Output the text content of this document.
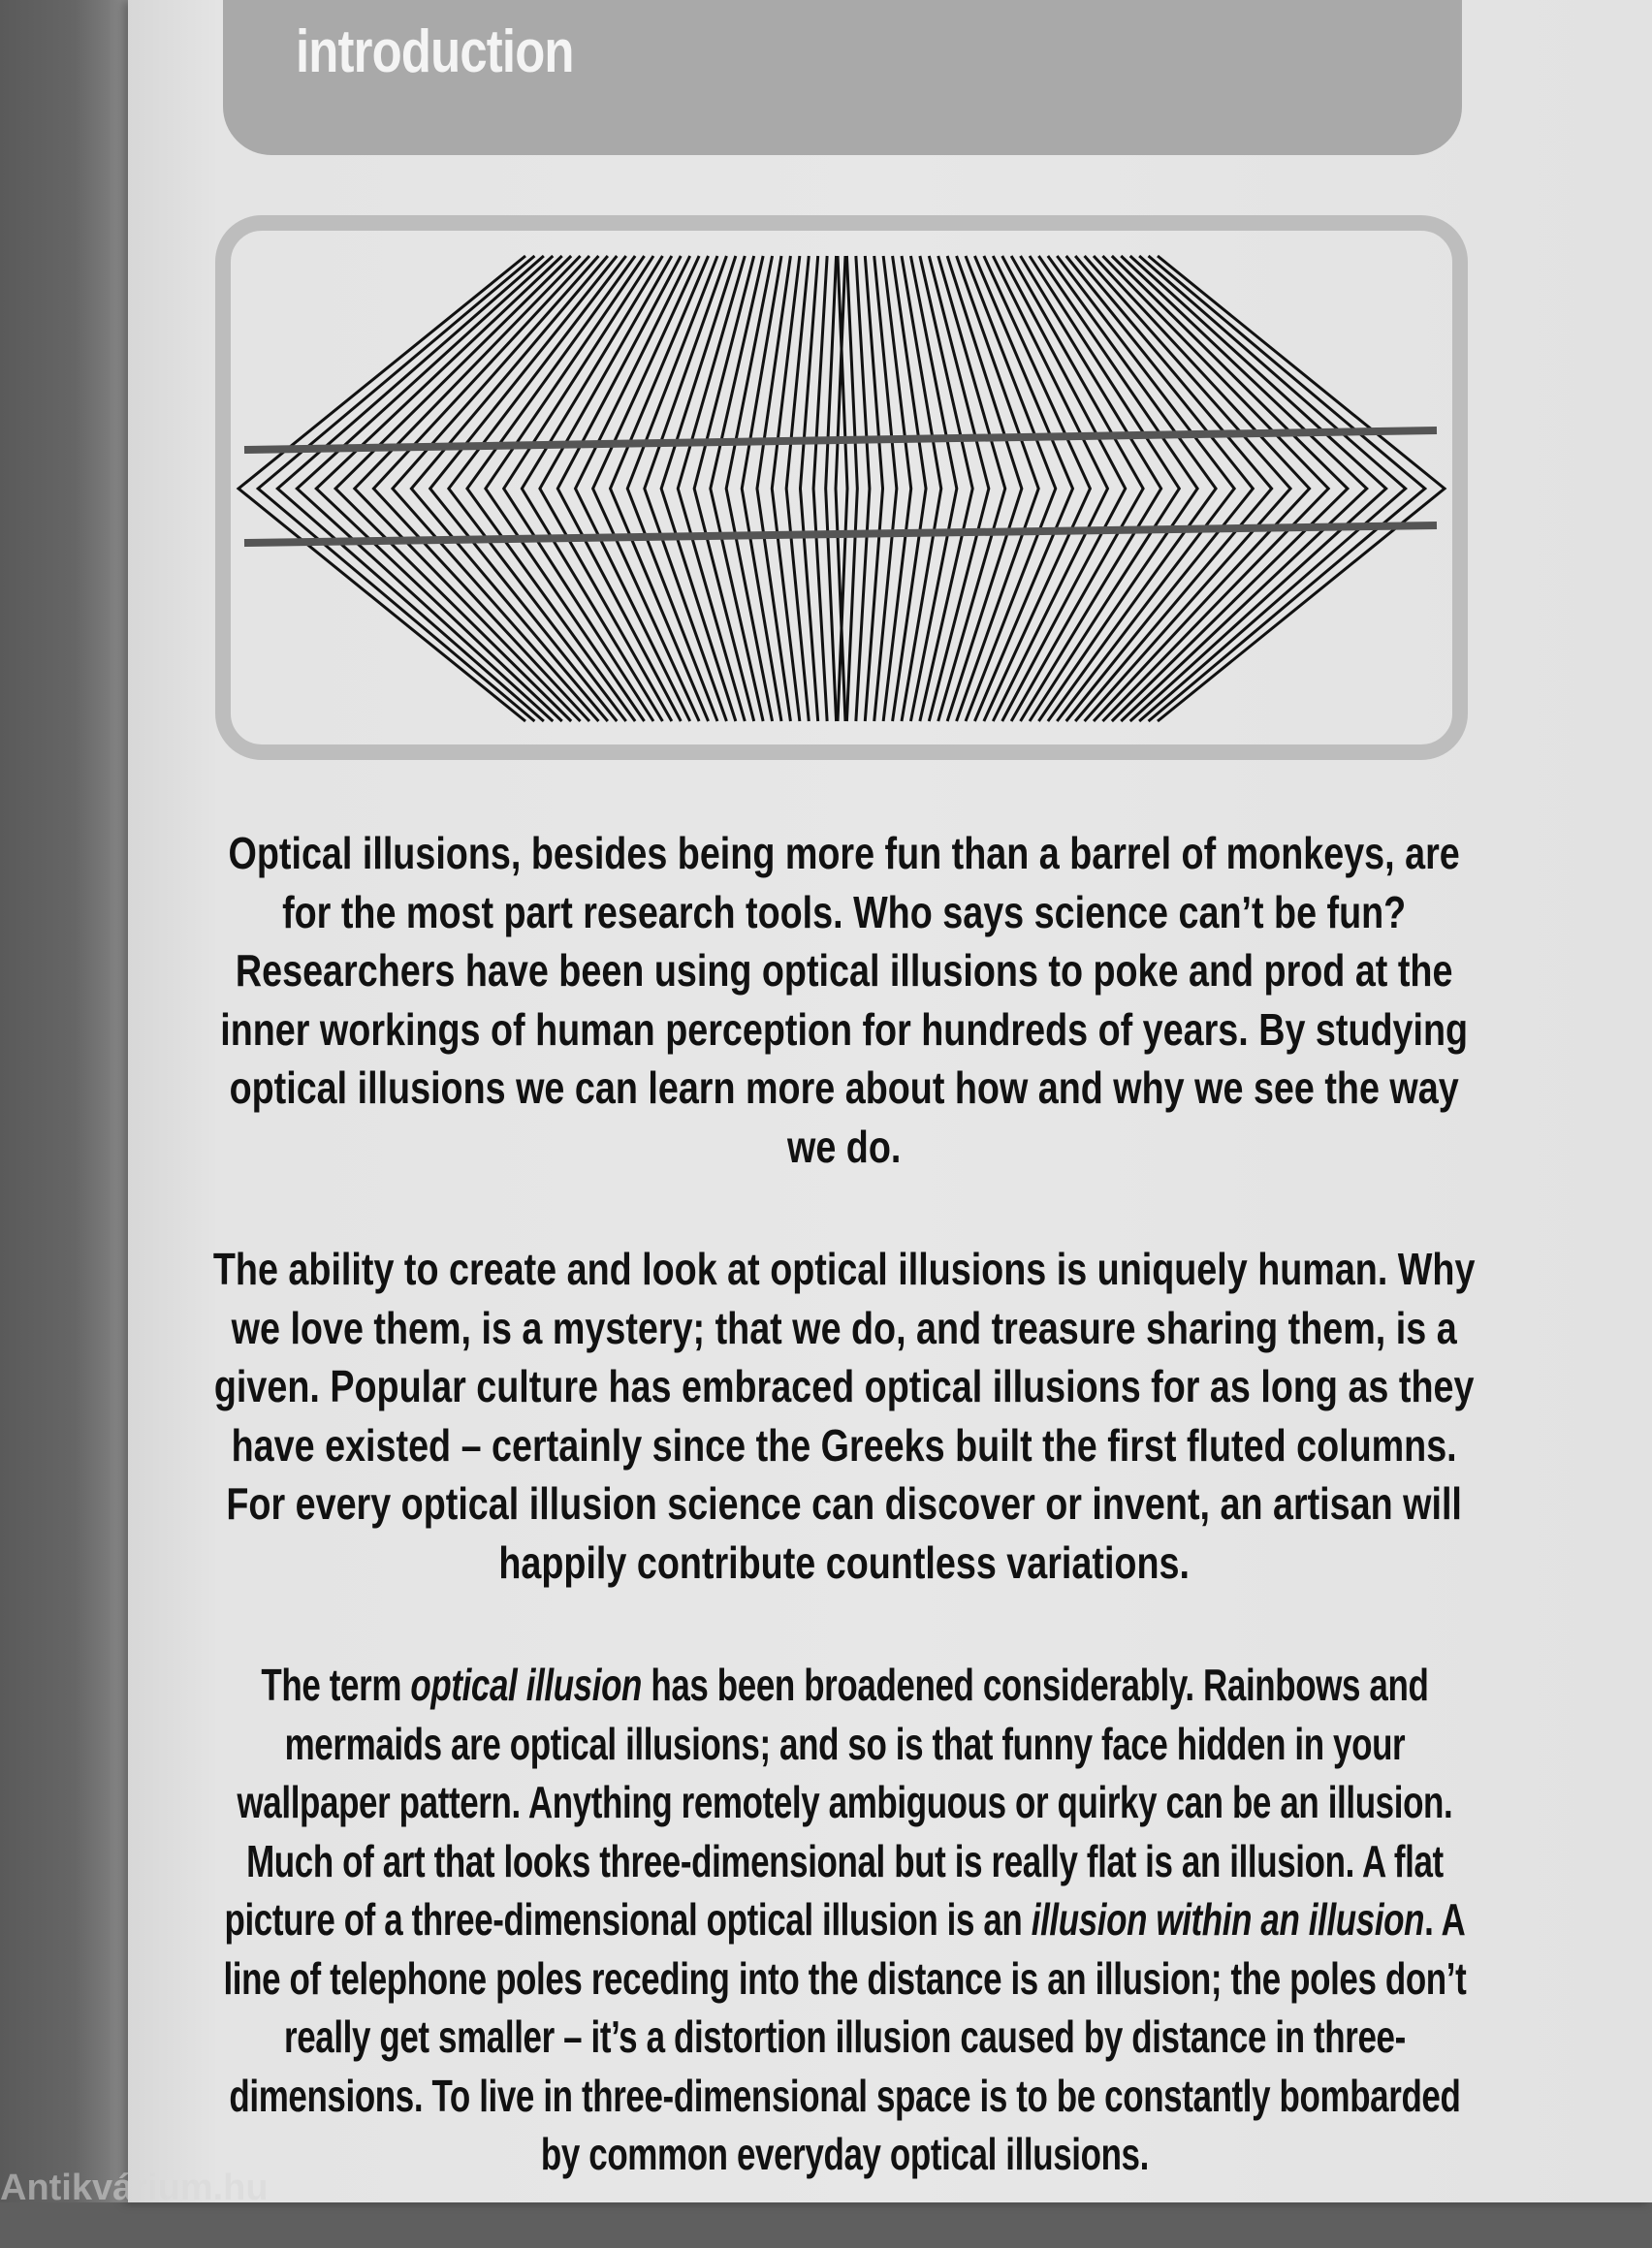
introduction

Optical illusions, besides being more fun than a barrel of monkeys, are for the most part research tools. Who says science can’t be fun? Researchers have been using optical illusions to poke and prod at the inner workings of human perception for hundreds of years. By studying optical illusions we can learn more about how and why we see the way we do.

The ability to create and look at optical illusions is uniquely human. Why we love them, is a mystery; that we do, and treasure sharing them, is a given. Popular culture has embraced optical illusions for as long as they have existed – certainly since the Greeks built the first fluted columns. For every optical illusion science can discover or invent, an artisan will happily contribute countless variations.

The term optical illusion has been broadened considerably. Rainbows and mermaids are optical illusions; and so is that funny face hidden in your wallpaper pattern. Anything remotely ambiguous or quirky can be an illusion. Much of art that looks three-dimensional but is really flat is an illusion. A flat picture of a three-dimensional optical illusion is an illusion within an illusion. A line of telephone poles receding into the distance is an illusion; the poles don’t really get smaller – it’s a distortion illusion caused by distance in three-dimensions. To live in three-dimensional space is to be constantly bombarded by common everyday optical illusions.

Antikvárium.hu
